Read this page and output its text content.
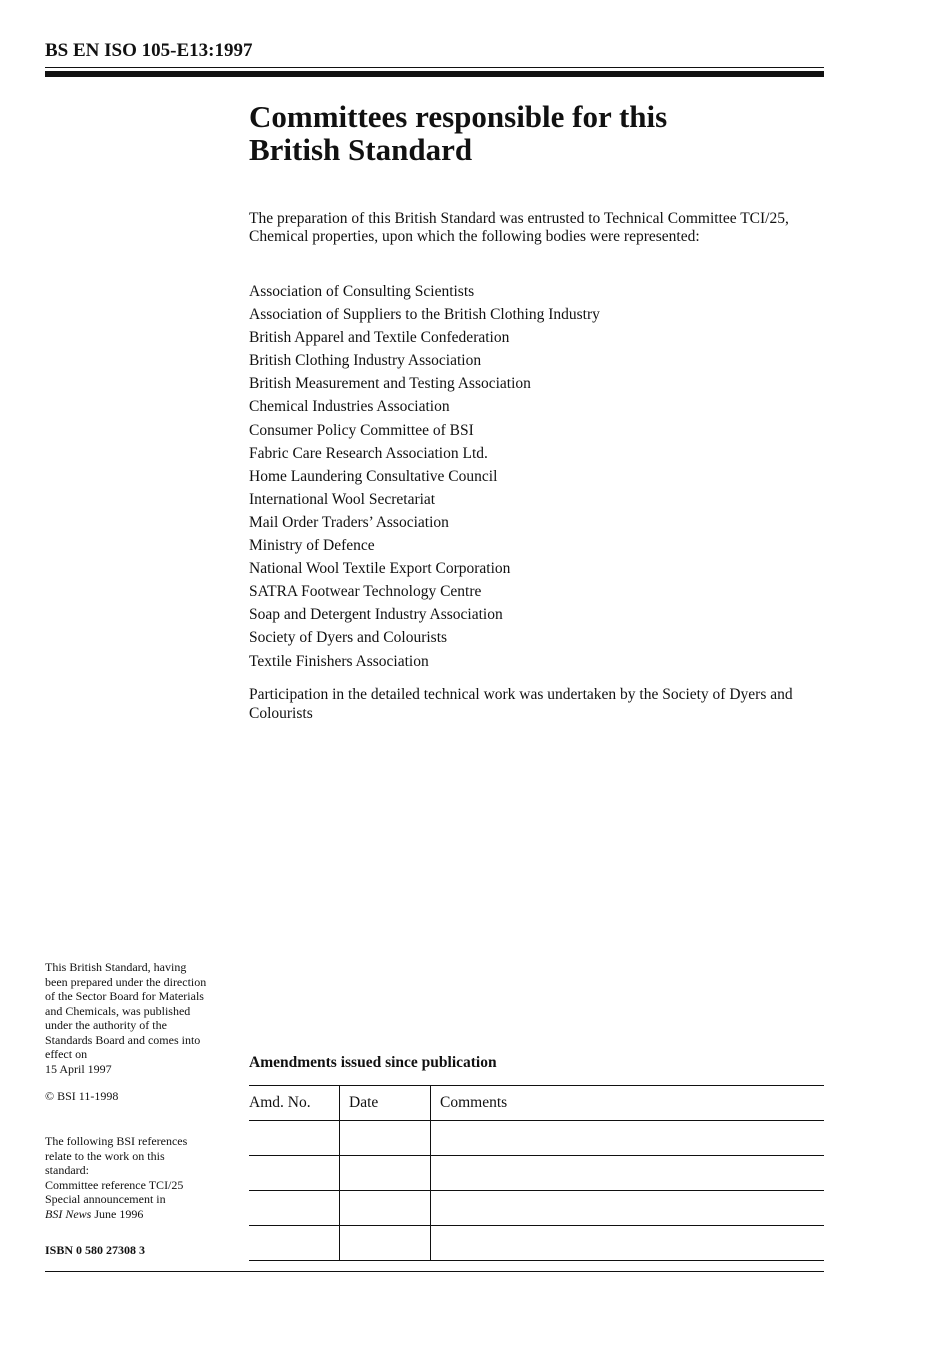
BS EN ISO 105-E13:1997
Committees responsible for this
British Standard

The preparation of this British Standard was entrusted to Technical Committee TCI/25, Chemical properties, upon which the following bodies were represented:

Association of Consulting Scientists
Association of Suppliers to the British Clothing Industry
British Apparel and Textile Confederation
British Clothing Industry Association
British Measurement and Testing Association
Chemical Industries Association
Consumer Policy Committee of BSI
Fabric Care Research Association Ltd.
Home Laundering Consultative Council
International Wool Secretariat
Mail Order Traders’ Association
Ministry of Defence
National Wool Textile Export Corporation
SATRA Footwear Technology Centre
Soap and Detergent Industry Association
Society of Dyers and Colourists
Textile Finishers Association

Participation in the detailed technical work was undertaken by the Society of Dyers and Colourists

This British Standard, having
been prepared under the direction
of the Sector Board for Materials
and Chemicals, was published
under the authority of the
Standards Board and comes into
effect on
15 April 1997

© BSI 11-1998

The following BSI references
relate to the work on this
standard:
Committee reference TCI/25
Special announcement in
BSI News June 1996

ISBN 0 580 27308 3

Amendments issued since publication
Amd. No.	Date	Comments
